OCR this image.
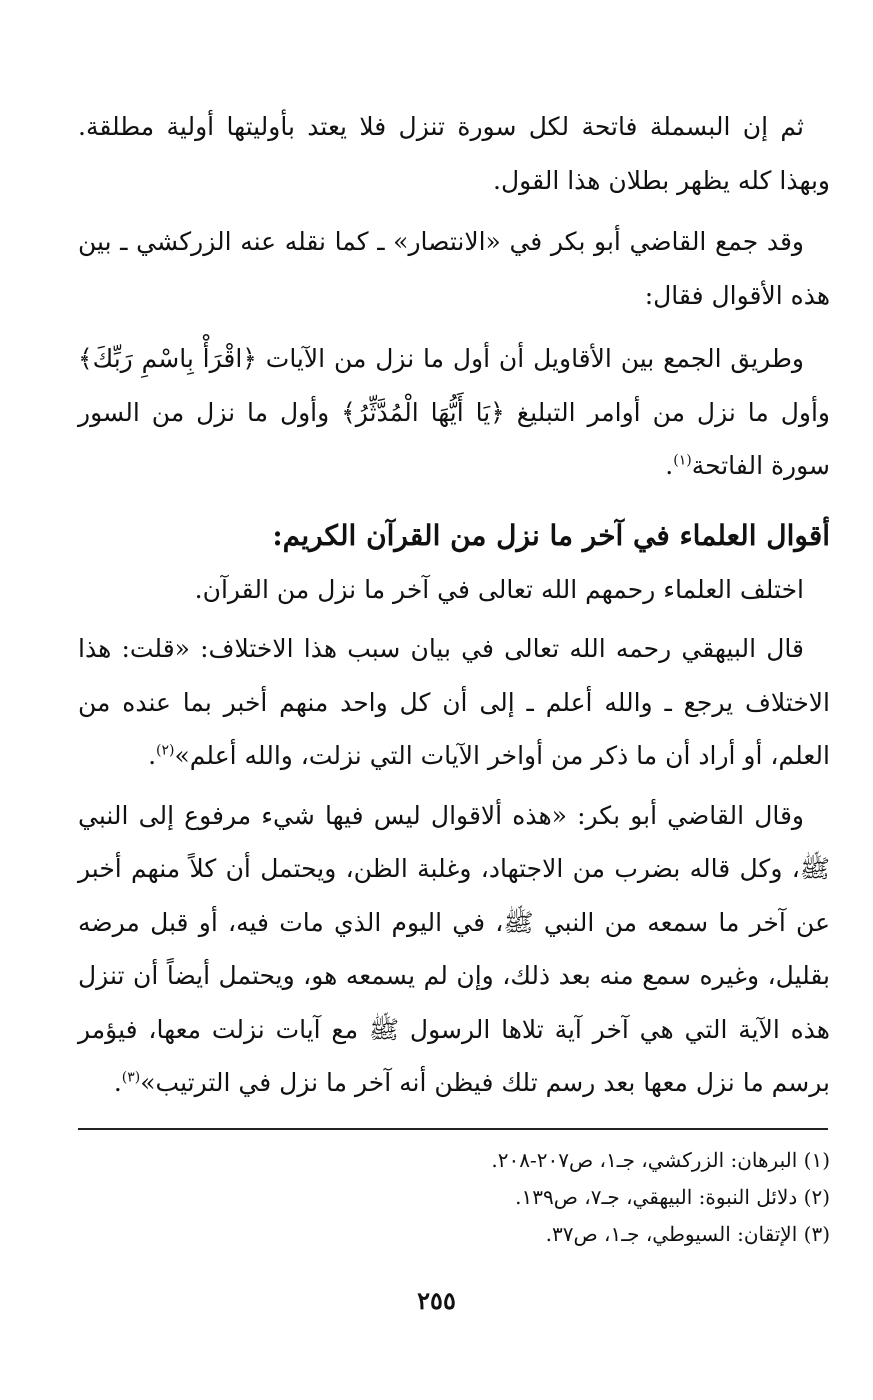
ثم إن البسملة فاتحة لكل سورة تنزل فلا يعتد بأوليتها أولية مطلقة. وبهذا كله يظهر بطلان هذا القول.

وقد جمع القاضي أبو بكر في «الانتصار» ـ كما نقله عنه الزركشي ـ بين هذه الأقوال فقال:

وطريق الجمع بين الأقاويل أن أول ما نزل من الآيات ﴿اقْرَأْ بِاسْمِ رَبِّكَ﴾ وأول ما نزل من أوامر التبليغ ﴿يَا أَيُّهَا الْمُدَّثِّرُ﴾ وأول ما نزل من السور سورة الفاتحة$^{(١)}$.

أقوال العلماء في آخر ما نزل من القرآن الكريم:

اختلف العلماء رحمهم الله تعالى في آخر ما نزل من القرآن.

قال البيهقي رحمه الله تعالى في بيان سبب هذا الاختلاف: «قلت: هذا الاختلاف يرجع ـ والله أعلم ـ إلى أن كل واحد منهم أخبر بما عنده من العلم، أو أراد أن ما ذكر من أواخر الآيات التي نزلت، والله أعلم»$^{(٢)}$.

وقال القاضي أبو بكر: «هذه ألاقوال ليس فيها شيء مرفوع إلى النبي ﷺ، وكل قاله بضرب من الاجتهاد، وغلبة الظن، ويحتمل أن كلاً منهم أخبر عن آخر ما سمعه من النبي ﷺ، في اليوم الذي مات فيه، أو قبل مرضه بقليل، وغيره سمع منه بعد ذلك، وإن لم يسمعه هو، ويحتمل أيضاً أن تنزل هذه الآية التي هي آخر آية تلاها الرسول ﷺ مع آيات نزلت معها، فيؤمر برسم ما نزل معها بعد رسم تلك فيظن أنه آخر ما نزل في الترتيب»$^{(٣)}$.

(١) البرهان: الزركشي، جـ١، ص٢٠٧-٢٠٨.

(٢) دلائل النبوة: البيهقي، جـ٧، ص١٣٩.

(٣) الإتقان: السيوطي، جـ١، ص٣٧.

٢٥٥
